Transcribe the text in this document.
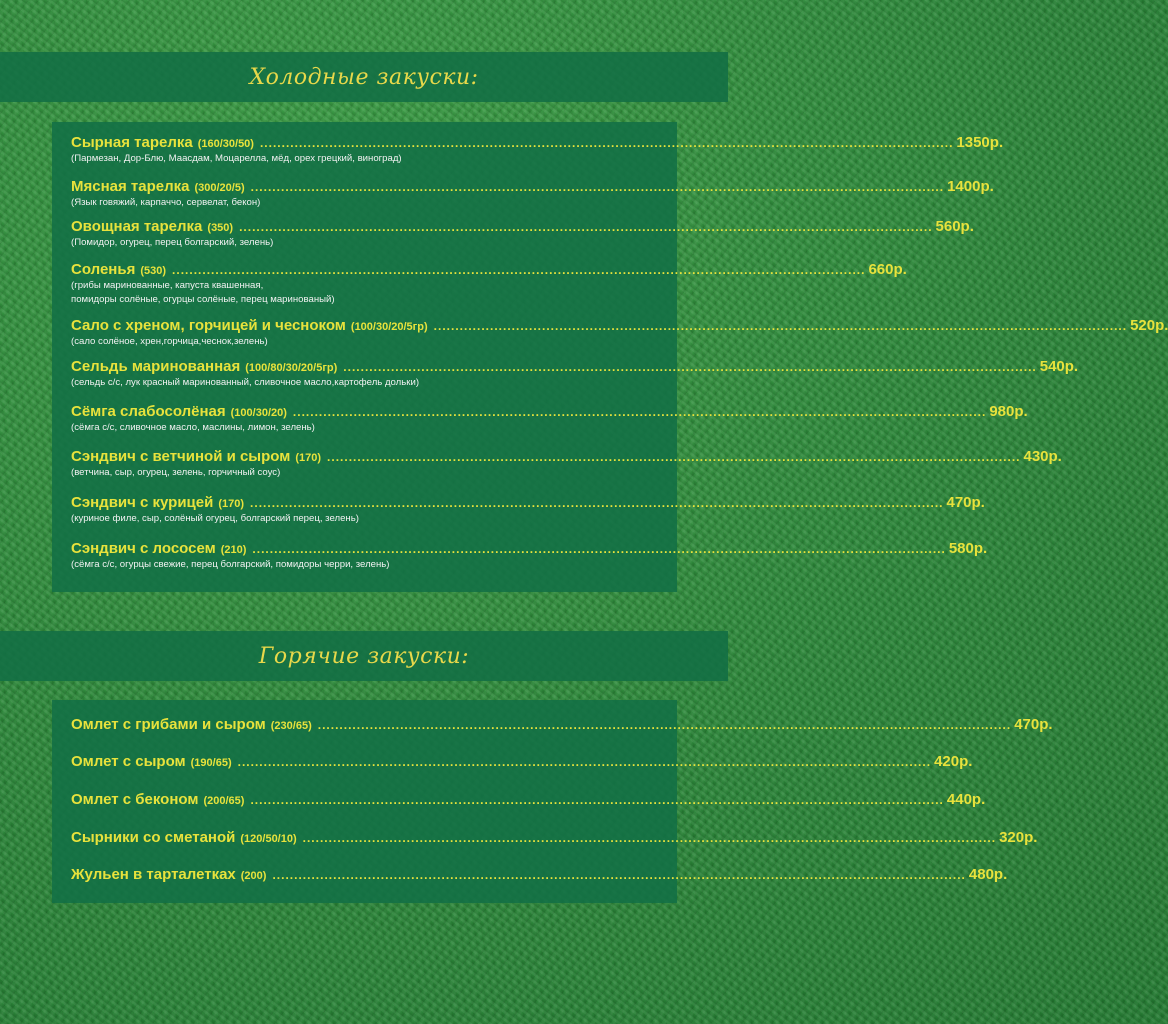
Холодные закуски:
Сырная тарелка (160/30/50) ................................................................................................................................................................ 1350р.
(Пармезан, Дор-Блю, Маасдам, Моцарелла, мёд, орех грецкий, виноград)
Мясная тарелка (300/20/5) ................................................................................................................................................................ 1400р.
(Язык говяжий, карпаччо, сервелат, бекон)
Овощная тарелка (350) ................................................................................................................................................................ 560р.
(Помидор, огурец, перец болгарский, зелень)
Соленья (530) ................................................................................................................................................................ 660р.
(грибы маринованные, капуста квашенная,
помидоры солёные, огурцы солёные, перец маринованый)
Сало с хреном, горчицей и чесноком (100/30/20/5гр) ................................................................................................................................................................ 520р.
(сало солёное, хрен,горчица,чеснок,зелень)
Сельдь маринованная (100/80/30/20/5гр) ................................................................................................................................................................ 540р.
(сельдь с/с, лук красный маринованный, сливочное масло,картофель дольки)
Сёмга слабосолёная (100/30/20) ................................................................................................................................................................ 980р.
(сёмга с/с, сливочное масло, маслины, лимон, зелень)
Сэндвич с ветчиной и сыром (170) ................................................................................................................................................................ 430р.
(ветчина, сыр, огурец, зелень, горчичный соус)
Сэндвич с курицей (170) ................................................................................................................................................................ 470р.
(куриное филе, сыр, солёный огурец, болгарский перец, зелень)
Сэндвич с лососем (210) ................................................................................................................................................................ 580р.
(сёмга с/с, огурцы свежие, перец болгарский, помидоры черри, зелень)
Горячие закуски:
Омлет с грибами и сыром (230/65) ................................................................................................................................................................ 470р.
Омлет с сыром (190/65) ................................................................................................................................................................ 420р.
Омлет с беконом (200/65) ................................................................................................................................................................ 440р.
Сырники со сметаной (120/50/10) ................................................................................................................................................................ 320р.
Жульен в тарталетках (200) ................................................................................................................................................................ 480р.
